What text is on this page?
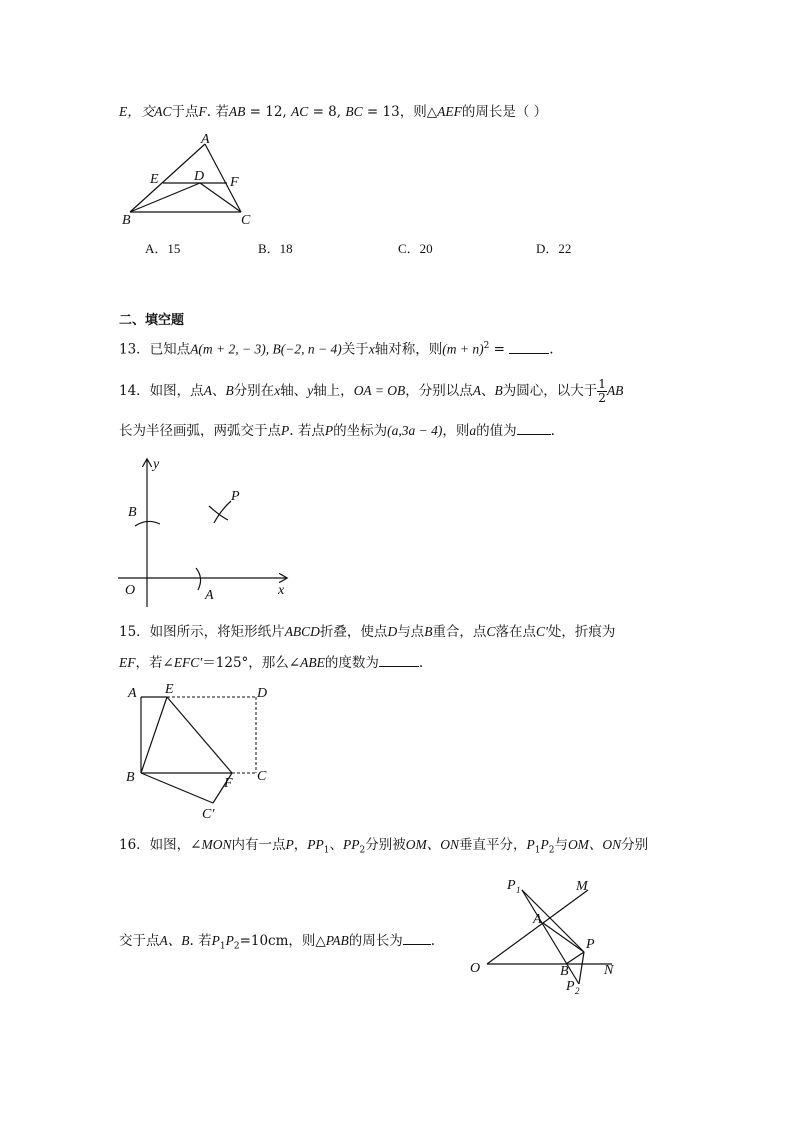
E，交AC于点F. 若AB = 12, AC = 8, BC = 13，则△AEF的周长是（ ）
A
E	D F
B	C
A．15	B．18	C．20	D．22
二、填空题
13．已知点A(m + 2, − 3), B(−2, n − 4)关于x轴对称，则$(m + n)^2$ =	.
14．如图，点A、B分别在x轴、y轴上，OA = OB，分别以点A、B为圆心，以大于 $\frac{1}{2}$ AB
长为半径画弧，两弧交于点P. 若点P的坐标为(a,3a − 4)，则a的值为	.
y
P
B
O	A	x
15．如图所示，将矩形纸片ABCD折叠，使点D与点B重合，点C落在点C′处，折痕为
EF，若∠EFC′＝125°，那么∠ABE的度数为	.
A E	D
B	F C
C′
16．如图，∠MON内有一点P，$PP_1$、$PP_2$分别被OM、ON垂直平分，$P_1P_2$与OM、ON分别
交于点A、B. 若$P_1P_2=10cm$，则△PAB的周长为 .
P 1	M
A
P
O	B	N
P 2
